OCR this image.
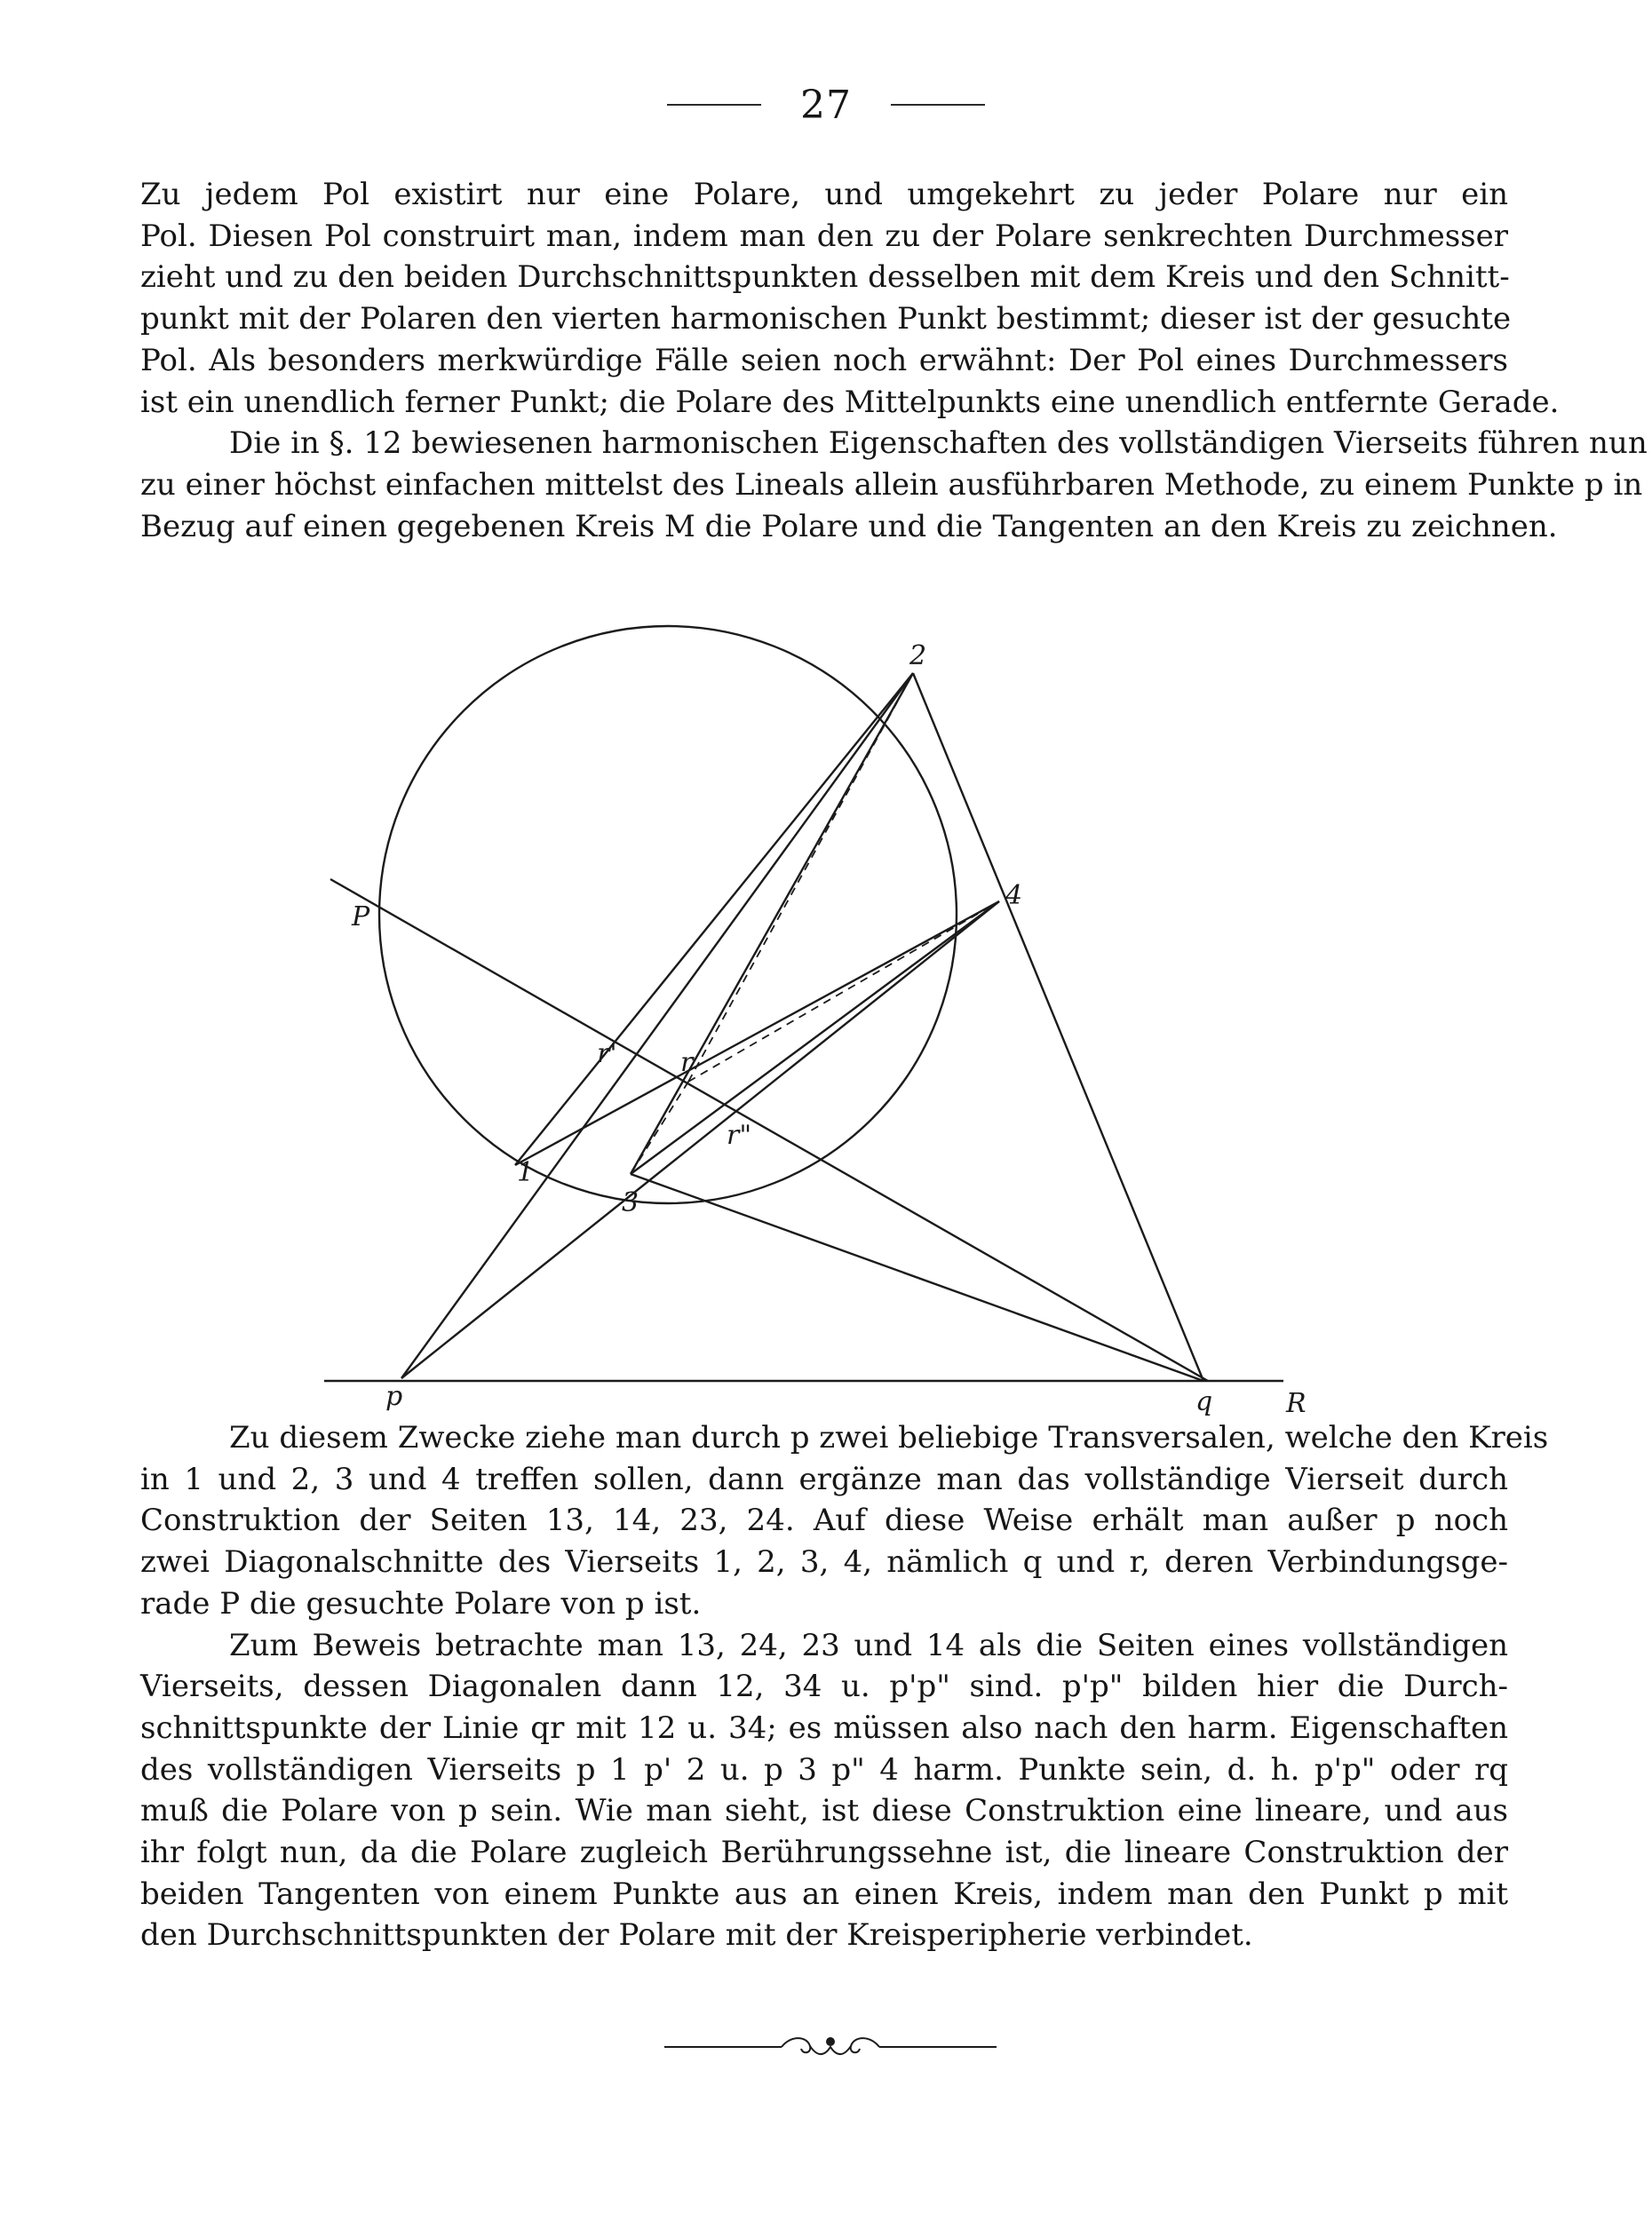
27
Zu jedem Pol existirt nur eine Polare, und umgekehrt zu jeder Polare nur ein
Pol. Diesen Pol construirt man, indem man den zu der Polare senkrechten Durchmesser
zieht und zu den beiden Durchschnittspunkten desselben mit dem Kreis und den Schnitt-
punkt mit der Polaren den vierten harmonischen Punkt bestimmt; dieser ist der gesuchte
Pol. Als besonders merkwürdige Fälle seien noch erwähnt: Der Pol eines Durchmessers
ist ein unendlich ferner Punkt; die Polare des Mittelpunkts eine unendlich entfernte Gerade.
Die in §. 12 bewiesenen harmonischen Eigenschaften des vollständigen Vierseits führen nun
zu einer höchst einfachen mittelst des Lineals allein ausführbaren Methode, zu einem Punkte p in
Bezug auf einen gegebenen Kreis M die Polare und die Tangenten an den Kreis zu zeichnen.
P
2
4
r' r
r"
1
3
p	q	R
Zu diesem Zwecke ziehe man durch p zwei beliebige Transversalen, welche den Kreis
in 1 und 2, 3 und 4 treffen sollen, dann ergänze man das vollständige Vierseit durch
Construktion der Seiten 13, 14, 23, 24. Auf diese Weise erhält man außer p noch
zwei Diagonalschnitte des Vierseits 1, 2, 3, 4, nämlich q und r, deren Verbindungsge-
rade P die gesuchte Polare von p ist.
Zum Beweis betrachte man 13, 24, 23 und 14 als die Seiten eines vollständigen
Vierseits, dessen Diagonalen dann 12, 34 u. p'p" sind. p'p" bilden hier die Durch-
schnittspunkte der Linie qr mit 12 u. 34; es müssen also nach den harm. Eigenschaften
des vollständigen Vierseits p 1 p' 2 u. p 3 p" 4 harm. Punkte sein, d. h. p'p" oder rq
muß die Polare von p sein. Wie man sieht, ist diese Construktion eine lineare, und aus
ihr folgt nun, da die Polare zugleich Berührungssehne ist, die lineare Construktion der
beiden Tangenten von einem Punkte aus an einen Kreis, indem man den Punkt p mit
den Durchschnittspunkten der Polare mit der Kreisperipherie verbindet.
